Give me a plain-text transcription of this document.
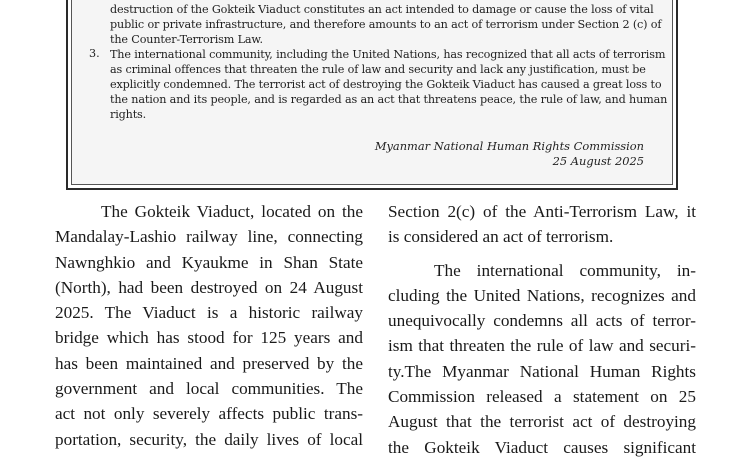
destruction of the Gokteik Viaduct constitutes an act intended to damage or cause the loss of vital
public or private infrastructure, and therefore amounts to an act of terrorism under Section 2 (c) of
the Counter-Terrorism Law.
3. The international community, including the United Nations, has recognized that all acts of terrorism
as criminal offences that threaten the rule of law and security and lack any justification, must be
explicitly condemned. The terrorist act of destroying the Gokteik Viaduct has caused a great loss to
the nation and its people, and is regarded as an act that threatens peace, the rule of law, and human
rights.
Myanmar National Human Rights Commission
25 August 2025
The Gokteik Viaduct, located on the
Mandalay-Lashio railway line, connecting
Nawnghkio and Kyaukme in Shan State
(North), had been destroyed on 24 August
2025. The Viaduct is a historic railway
bridge which has stood for 125 years and
has been maintained and preserved by the
government and local communities. The
act not only severely affects public trans-
portation, security, the daily lives of local
Section 2(c) of the Anti-Terrorism Law, it
is considered an act of terrorism.
The international community, in-
cluding the United Nations, recognizes and
unequivocally condemns all acts of terror-
ism that threaten the rule of law and securi-
ty.The Myanmar National Human Rights
Commission released a statement on 25
August that the terrorist act of destroying
the Gokteik Viaduct causes significant
